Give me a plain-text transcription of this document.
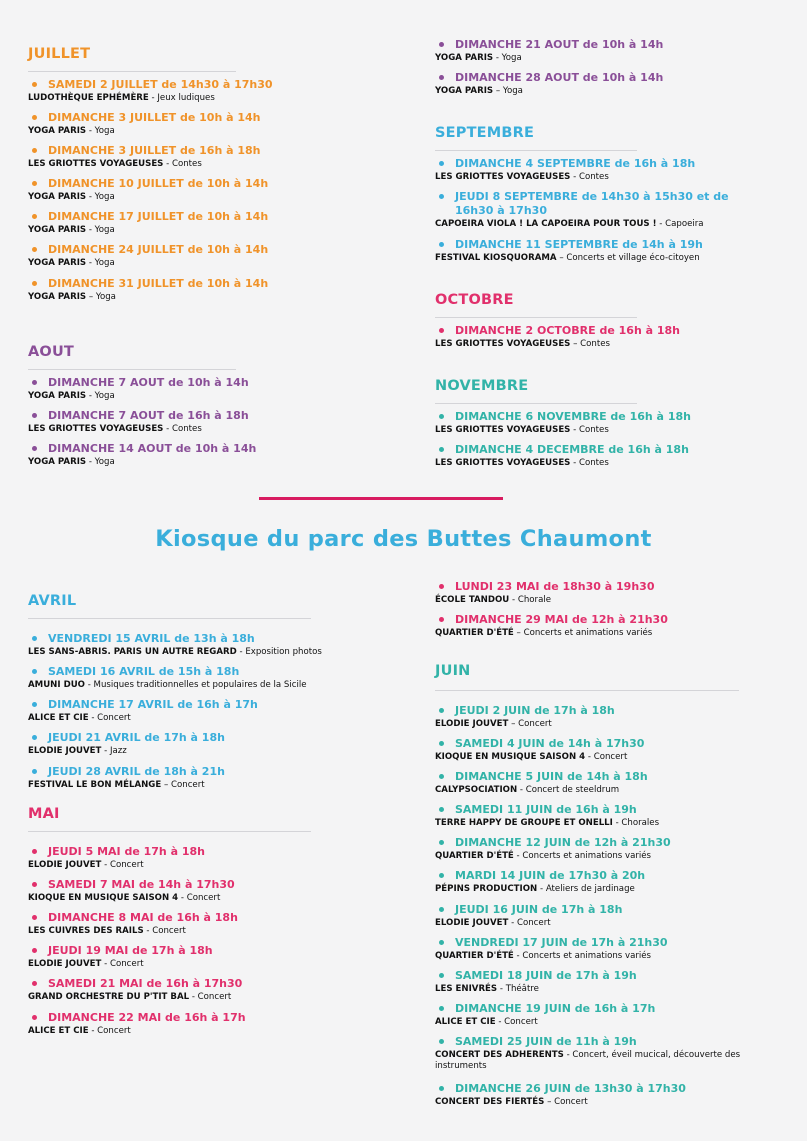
JUILLET
SAMEDI 2 JUILLET de 14h30 à 17h30
LUDOTHÈQUE EPHÉMÈRE - Jeux ludiques
DIMANCHE 3 JUILLET de 10h à 14h
YOGA PARIS - Yoga
DIMANCHE 3 JUILLET de 16h à 18h
LES GRIOTTES VOYAGEUSES - Contes
DIMANCHE 10 JUILLET de 10h à 14h
YOGA PARIS - Yoga
DIMANCHE 17 JUILLET de 10h à 14h
YOGA PARIS - Yoga
DIMANCHE 24 JUILLET de 10h à 14h
YOGA PARIS - Yoga
DIMANCHE 31 JUILLET de 10h à 14h
YOGA PARIS – Yoga
AOUT
DIMANCHE 7 AOUT de 10h à 14h
YOGA PARIS - Yoga
DIMANCHE 7 AOUT de 16h à 18h
LES GRIOTTES VOYAGEUSES - Contes
DIMANCHE 14 AOUT de 10h à 14h
YOGA PARIS - Yoga
DIMANCHE 21 AOUT de 10h à 14h
YOGA PARIS - Yoga
DIMANCHE 28 AOUT de 10h à 14h
YOGA PARIS – Yoga
SEPTEMBRE
DIMANCHE 4 SEPTEMBRE de 16h à 18h
LES GRIOTTES VOYAGEUSES - Contes
JEUDI 8 SEPTEMBRE de 14h30 à 15h30 et de 16h30 à 17h30
CAPOEIRA VIOLA ! LA CAPOEIRA POUR TOUS ! - Capoeira
DIMANCHE 11 SEPTEMBRE de 14h à 19h
FESTIVAL KIOSQUORAMA – Concerts et village éco-citoyen
OCTOBRE
DIMANCHE 2 OCTOBRE de 16h à 18h
LES GRIOTTES VOYAGEUSES – Contes
NOVEMBRE
DIMANCHE 6 NOVEMBRE de 16h à 18h
LES GRIOTTES VOYAGEUSES - Contes
DIMANCHE 4 DECEMBRE de 16h à 18h
LES GRIOTTES VOYAGEUSES - Contes
Kiosque du parc des Buttes Chaumont
AVRIL
VENDREDI 15 AVRIL de 13h à 18h
LES SANS-ABRIS. PARIS UN AUTRE REGARD - Exposition photos
SAMEDI 16 AVRIL de 15h à 18h
AMUNI DUO - Musiques traditionnelles et populaires de la Sicile
DIMANCHE 17 AVRIL de 16h à 17h
ALICE ET CIE - Concert
JEUDI 21 AVRIL de 17h à 18h
ELODIE JOUVET - Jazz
JEUDI 28 AVRIL de 18h à 21h
FESTIVAL LE BON MÉLANGE – Concert
MAI
JEUDI 5 MAI de 17h à 18h
ELODIE JOUVET - Concert
SAMEDI 7 MAI de 14h à 17h30
KIOQUE EN MUSIQUE SAISON 4 - Concert
DIMANCHE 8 MAI de 16h à 18h
LES CUIVRES DES RAILS - Concert
JEUDI 19 MAI de 17h à 18h
ELODIE JOUVET - Concert
SAMEDI 21 MAI de 16h à 17h30
GRAND ORCHESTRE DU P'TIT BAL - Concert
DIMANCHE 22 MAI de 16h à 17h
ALICE ET CIE - Concert
LUNDI 23 MAI de 18h30 à 19h30
ÉCOLE TANDOU - Chorale
DIMANCHE 29 MAI de 12h à 21h30
QUARTIER D'ÉTÉ – Concerts et animations variés
JUIN
JEUDI 2 JUIN de 17h à 18h
ELODIE JOUVET – Concert
SAMEDI 4 JUIN de 14h à 17h30
KIOQUE EN MUSIQUE SAISON 4 - Concert
DIMANCHE 5 JUIN de 14h à 18h
CALYPSOCIATION - Concert de steeldrum
SAMEDI 11 JUIN de 16h à 19h
TERRE HAPPY DE GROUPE ET ONELLI - Chorales
DIMANCHE 12 JUIN de 12h à 21h30
QUARTIER D'ÉTÉ - Concerts et animations variés
MARDI 14 JUIN de 17h30 à 20h
PÉPINS PRODUCTION - Ateliers de jardinage
JEUDI 16 JUIN de 17h à 18h
ELODIE JOUVET - Concert
VENDREDI 17 JUIN de 17h à 21h30
QUARTIER D'ÉTÉ - Concerts et animations variés
SAMEDI 18 JUIN de 17h à 19h
LES ENIVRÉS - Théâtre
DIMANCHE 19 JUIN de 16h à 17h
ALICE ET CIE - Concert
SAMEDI 25 JUIN de 11h à 19h
CONCERT DES ADHERENTS - Concert, éveil mucical, découverte des instruments
DIMANCHE 26 JUIN de 13h30 à 17h30
CONCERT DES FIERTÉS – Concert
